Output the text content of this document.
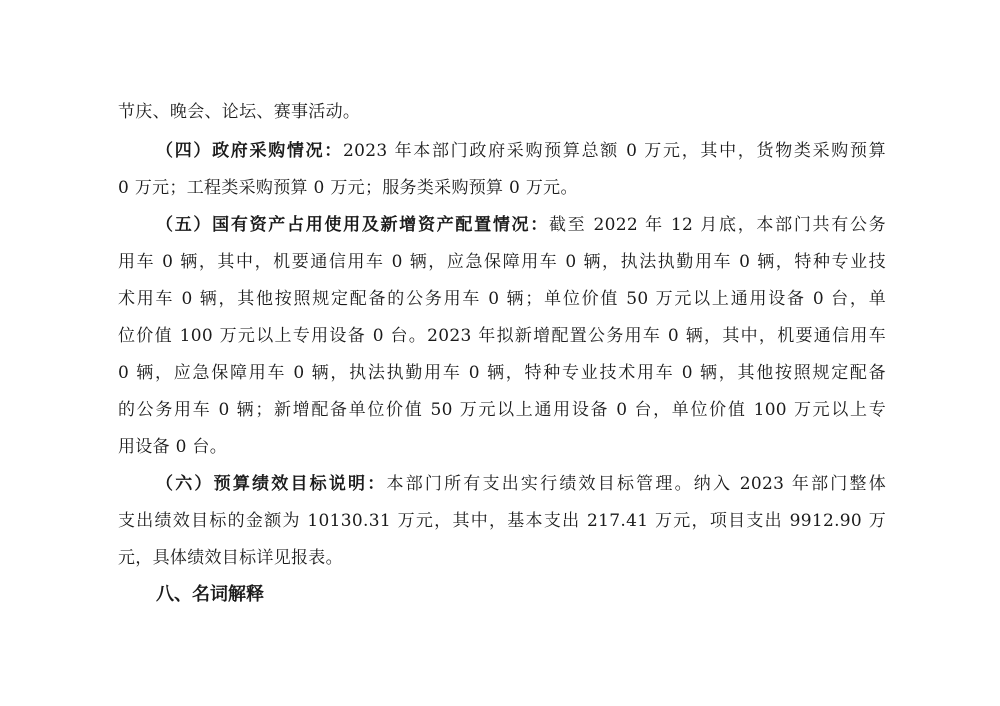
节庆、晚会、论坛、赛事活动。
（四）政府采购情况：2023 年本部门政府采购预算总额 0 万元，其中，货物类采购预算
0 万元；工程类采购预算 0 万元；服务类采购预算 0 万元。
（五）国有资产占用使用及新增资产配置情况：截至 2022 年 12 月底，本部门共有公务
用车 0 辆，其中，机要通信用车 0 辆，应急保障用车 0 辆，执法执勤用车 0 辆，特种专业技
术用车 0 辆，其他按照规定配备的公务用车 0 辆；单位价值 50 万元以上通用设备 0 台，单
位价值 100 万元以上专用设备 0 台。2023 年拟新增配置公务用车 0 辆，其中，机要通信用车
0 辆，应急保障用车 0 辆，执法执勤用车 0 辆，特种专业技术用车 0 辆，其他按照规定配备
的公务用车 0 辆；新增配备单位价值 50 万元以上通用设备 0 台，单位价值 100 万元以上专
用设备 0 台。
（六）预算绩效目标说明：本部门所有支出实行绩效目标管理。纳入 2023 年部门整体
支出绩效目标的金额为 10130.31 万元，其中，基本支出 217.41 万元，项目支出 9912.90 万
元，具体绩效目标详见报表。
八、名词解释
